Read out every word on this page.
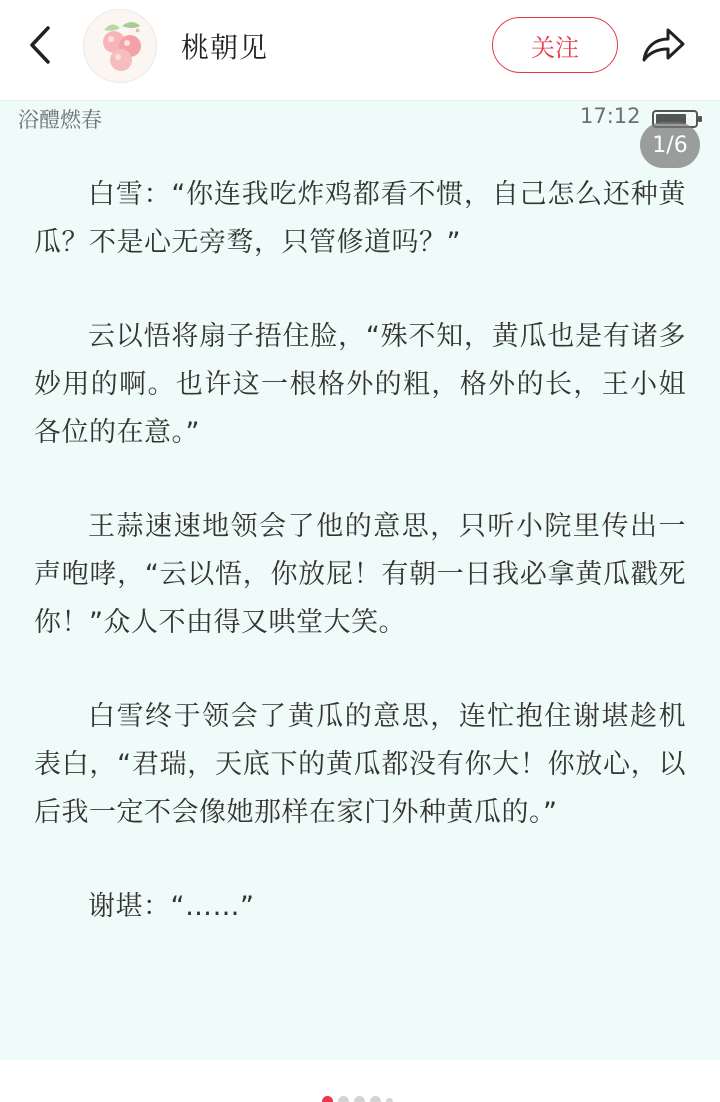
桃朝见	关注
浴醴燃春	17:12
1/6

白雪：“你连我吃炸鸡都看不惯，自己怎么还种黄瓜？不是心无旁骛，只管修道吗？”

云以悟将扇子捂住脸，“殊不知，黄瓜也是有诸多妙用的啊。也许这一根格外的粗，格外的长，王小姐各位的在意。”

王蒜速速地领会了他的意思，只听小院里传出一声咆哮，“云以悟，你放屁！有朝一日我必拿黄瓜戳死你！”众人不由得又哄堂大笑。

白雪终于领会了黄瓜的意思，连忙抱住谢堪趁机表白，“君瑞，天底下的黄瓜都没有你大！你放心，以后我一定不会像她那样在家门外种黄瓜的。”

谢堪：“……”
